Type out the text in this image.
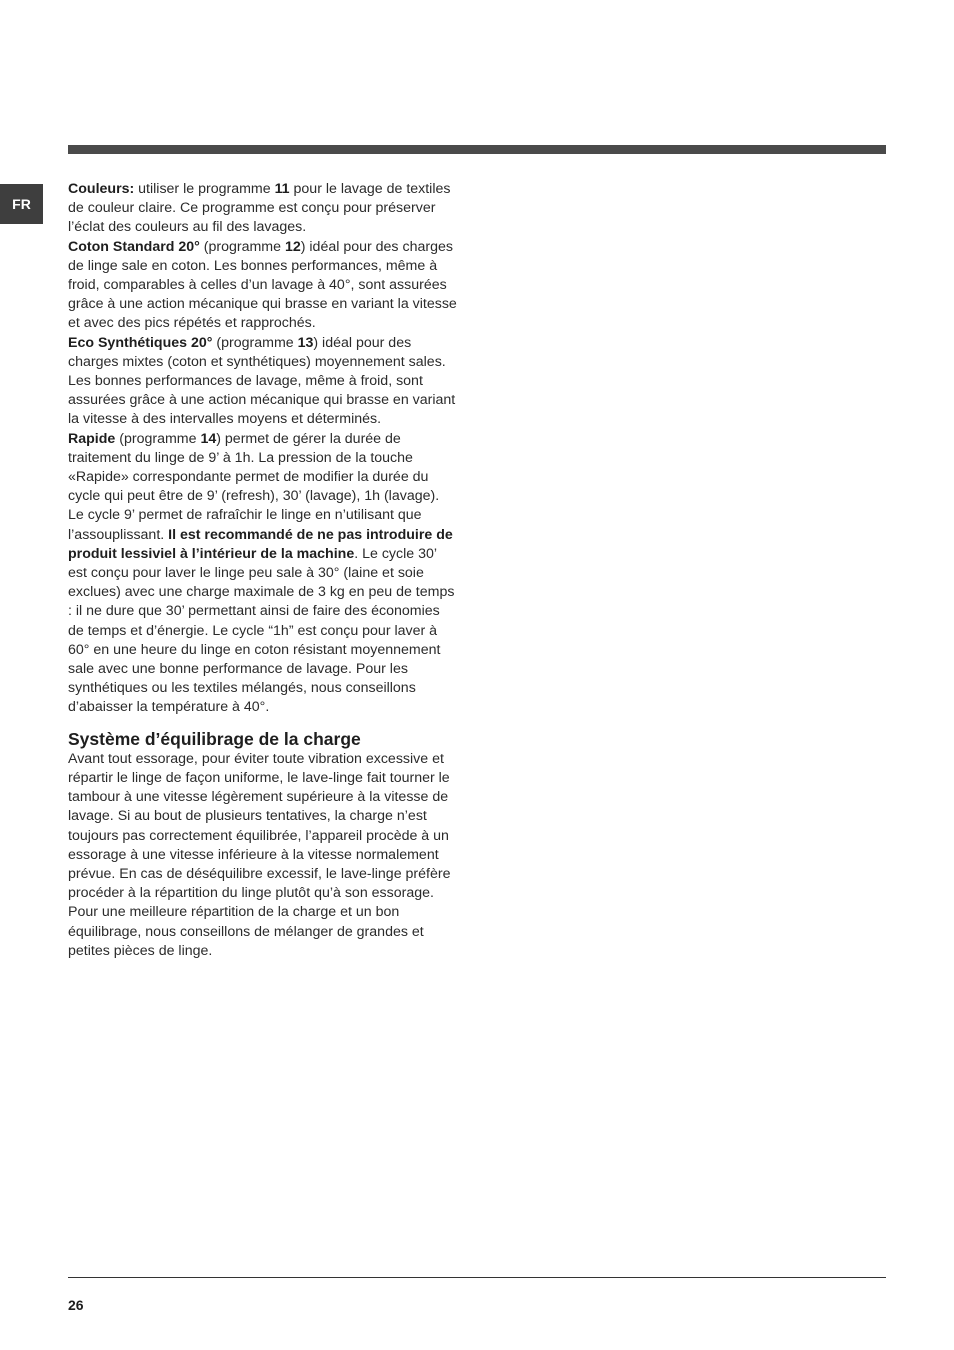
FR

Couleurs: utiliser le programme 11 pour le lavage de textiles de couleur claire. Ce programme est conçu pour préserver l’éclat des couleurs au fil des lavages.

Coton Standard 20° (programme 12) idéal pour des charges de linge sale en coton. Les bonnes performances, même à froid, comparables à celles d’un lavage à 40°, sont assurées grâce à une action mécanique qui brasse en variant la vitesse et avec des pics répétés et rapprochés.

Eco Synthétiques 20° (programme 13) idéal pour des charges mixtes (coton et synthétiques) moyennement sales. Les bonnes performances de lavage, même à froid, sont assurées grâce à une action mécanique qui brasse en variant la vitesse à des intervalles moyens et déterminés.

Rapide (programme 14) permet de gérer la durée de traitement du linge de 9’ à 1h. La pression de la touche «Rapide» correspondante permet de modifier la durée du cycle qui peut être de 9’ (refresh), 30’ (lavage), 1h (lavage). Le cycle 9’ permet de rafraîchir le linge en n’utilisant que l’assouplissant. Il est recommandé de ne pas introduire de produit lessiviel à l’intérieur de la machine. Le cycle 30’ est conçu pour laver le linge peu sale à 30° (laine et soie exclues) avec une charge maximale de 3 kg en peu de temps : il ne dure que 30’ permettant ainsi de faire des économies de temps et d’énergie. Le cycle “1h” est conçu pour laver à 60° en une heure du linge en coton résistant moyennement sale avec une bonne performance de lavage. Pour les synthétiques ou les textiles mélangés, nous conseillons d’abaisser la température à 40°.

Système d’équilibrage de la charge

Avant tout essorage, pour éviter toute vibration excessive et répartir le linge de façon uniforme, le lave-linge fait tourner le tambour à une vitesse légèrement supérieure à la vitesse de lavage. Si au bout de plusieurs tentatives, la charge n’est toujours pas correctement équilibrée, l’appareil procède à un essorage à une vitesse inférieure à la vitesse normalement prévue. En cas de déséquilibre excessif, le lave-linge préfère procéder à la répartition du linge plutôt qu’à son essorage. Pour une meilleure répartition de la charge et un bon équilibrage, nous conseillons de mélanger de grandes et petites pièces de linge.

26
